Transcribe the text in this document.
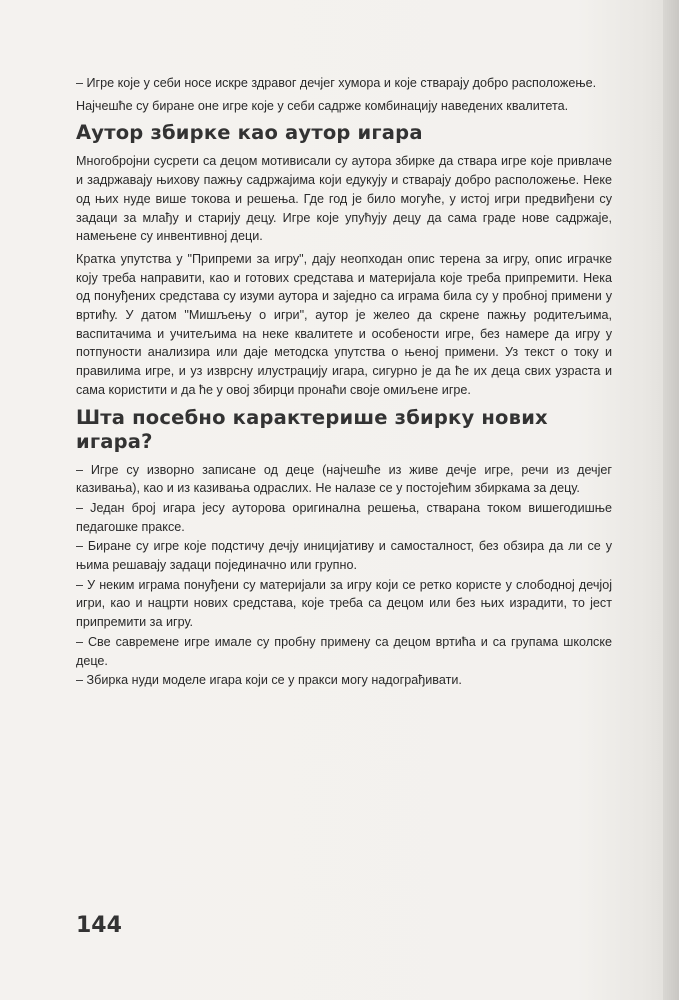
– Игре које у себи носе искре здравог дечјег хумора и које стварају добро расположење.

Најчешће су биране оне игре које у себи садрже комбинацију наведених квалитета.

Аутор збирке као аутор игара

Многобројни сусрети са децом мотивисали су аутора збирке да ствара игре које привлаче и задржавају њихову пажњу садржајима који едукују и стварају добро расположење. Неке од њих нуде више токова и решења. Где год је било могуће, у истој игри предвиђени су задаци за млађу и старију децу. Игре које упућују децу да сама граде нове садржаје, намењене су инвентивној деци.

Кратка упутства у "Припреми за игру", дају неопходан опис терена за игру, опис игрaчке коју треба направити, као и готових средстава и материјала које треба припремити. Нека од понуђених средстава су изуми аутора и заједно са играма била су у пробној примени у вртићу. У датом "Мишљењу о игри", аутор је желео да скрене пажњу родитељима, васпитачима и учитељима на неке квалитете и особености игре, без намере да игру у потпуности анализира или даје методска упутства о њеној примени. Уз текст о току и правилима игре, и уз изврсну илустрацију игара, сигурно је да ће их деца свих узраста и сама користити и да ће у овој збирци пронаћи своје омиљене игре.

Шта посебно карактерише збирку нових игара?

– Игре су изворно записане од деце (најчешће из живе дечје игре, речи из дечјег казивања), као и из казивања одраслих. Не налазе се у постојећим збиркама за децу.

– Један број игара јесу ауторова оригинална решења, стварана током вишегодишње педагошке праксе.

– Биране су игре које подстичу дечју иницијативу и самосталност, без обзира да ли се у њима решавају задаци појединачно или групно.

– У неким играма понуђени су материјали за игру који се ретко користе у слободној дечјој игри, као и нацрти нових средстава, које треба са децом или без њих израдити, то јест припремити за игру.

– Све савремене игре имале су пробну примену са децом вртића и са групама школске деце.

– Збирка нуди моделе игара који се у пракси могу надограђивати.

144
